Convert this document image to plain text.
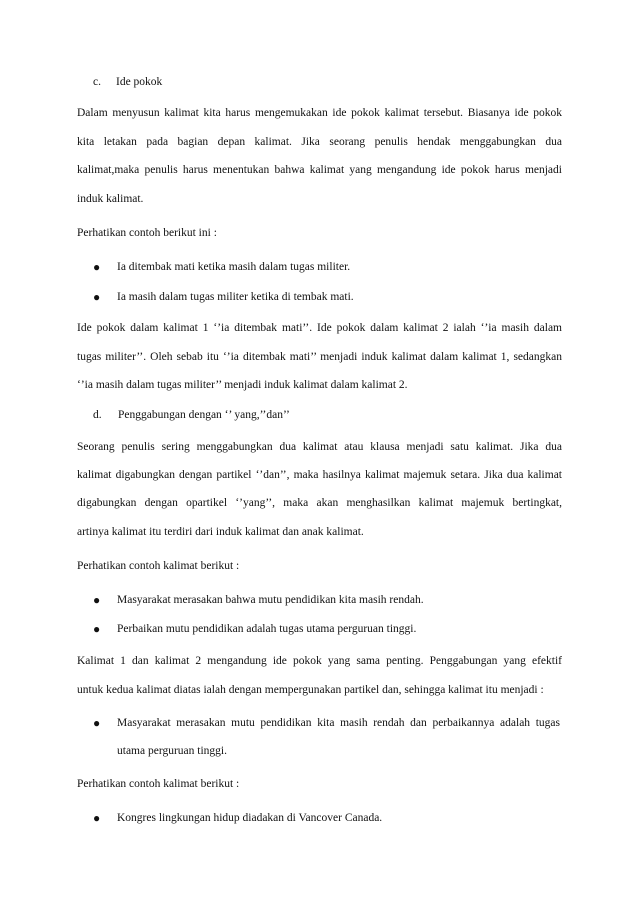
c. Ide pokok
Dalam menyusun kalimat kita harus mengemukakan ide pokok kalimat tersebut. Biasanya ide pokok
kita letakan pada bagian depan kalimat. Jika seorang penulis hendak menggabungkan dua
kalimat,maka penulis harus menentukan bahwa kalimat yang mengandung ide pokok harus menjadi
induk kalimat.
Perhatikan contoh berikut ini :
● Ia ditembak mati ketika masih dalam tugas militer.
● Ia masih dalam tugas militer ketika di tembak mati.
Ide pokok dalam kalimat 1 ‘’ia ditembak mati’’. Ide pokok dalam kalimat 2 ialah ‘’ia masih dalam
tugas militer’’. Oleh sebab itu ‘’ia ditembak mati’’ menjadi induk kalimat dalam kalimat 1, sedangkan
‘’ia masih dalam tugas militer’’ menjadi induk kalimat dalam kalimat 2.
d. Penggabungan dengan ‘’ yang,’’dan’’
Seorang penulis sering menggabungkan dua kalimat atau klausa menjadi satu kalimat. Jika dua
kalimat digabungkan dengan partikel ‘’dan’’, maka hasilnya kalimat majemuk setara. Jika dua kalimat
digabungkan dengan opartikel ‘’yang’’, maka akan menghasilkan kalimat majemuk bertingkat,
artinya kalimat itu terdiri dari induk kalimat dan anak kalimat.
Perhatikan contoh kalimat berikut :
● Masyarakat merasakan bahwa mutu pendidikan kita masih rendah.
● Perbaikan mutu pendidikan adalah tugas utama perguruan tinggi.
Kalimat 1 dan kalimat 2 mengandung ide pokok yang sama penting. Penggabungan yang efektif
untuk kedua kalimat diatas ialah dengan mempergunakan partikel dan, sehingga kalimat itu menjadi :
● Masyarakat merasakan mutu pendidikan kita masih rendah dan perbaikannya adalah tugas
utama perguruan tinggi.
Perhatikan contoh kalimat berikut :
● Kongres lingkungan hidup diadakan di Vancover Canada.
